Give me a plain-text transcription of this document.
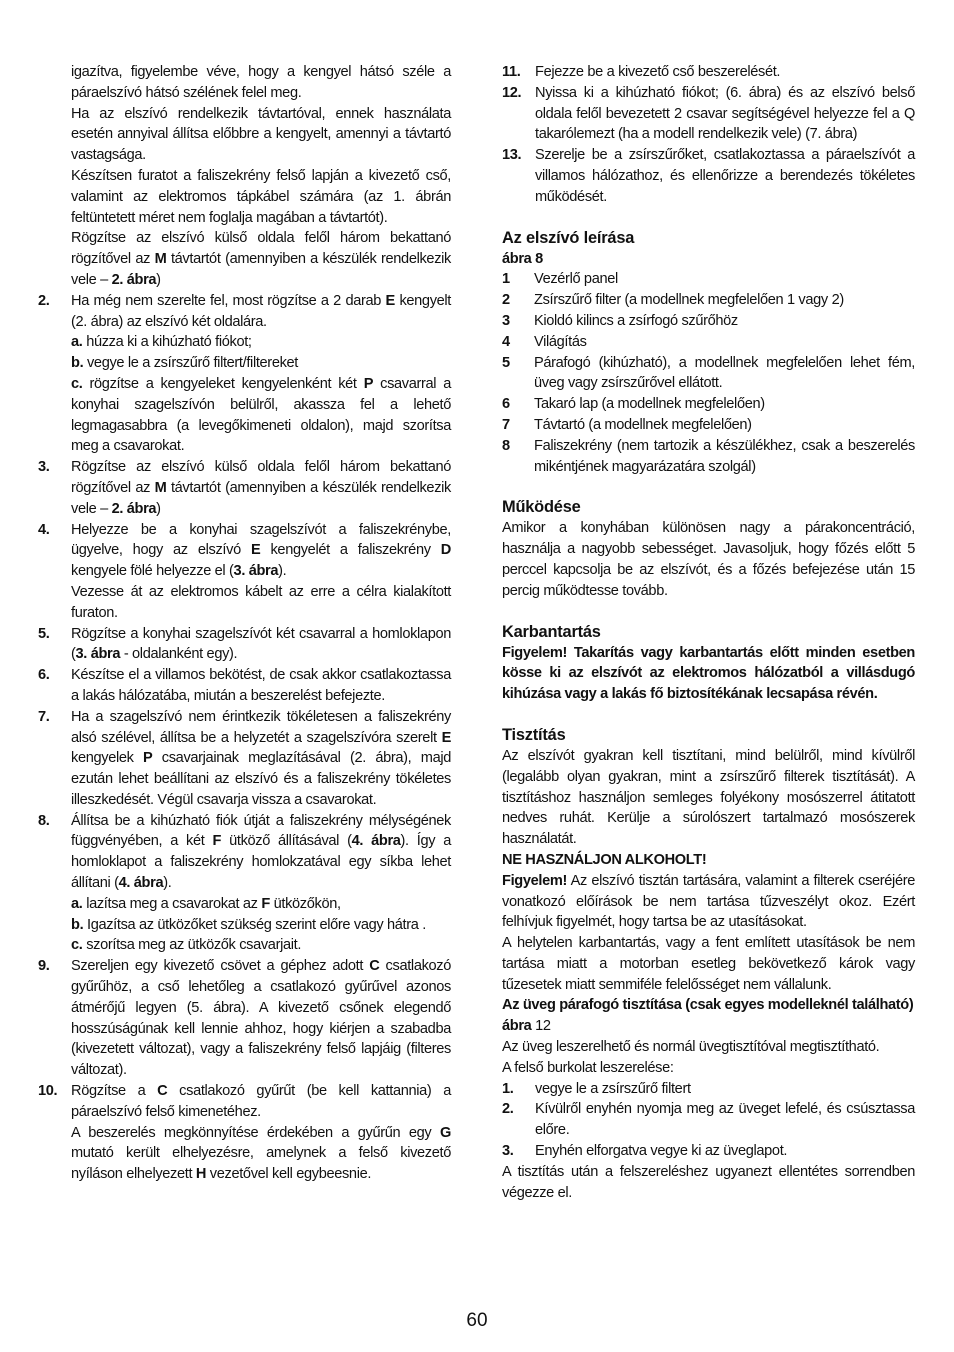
igazítva, figyelembe véve, hogy a kengyel hátsó széle a páraelszívó hátsó szélének felel meg.

Ha az elszívó rendelkezik távtartóval, ennek használata esetén annyival állítsa előbbre a kengyelt, amennyi a távtartó vastagsága.

Készítsen furatot a faliszekrény felső lapján a kivezető cső, valamint az elektromos tápkábel számára (az 1. ábrán feltüntetett méret nem foglalja magában a távtartót).

Rögzítse az elszívó külső oldala felől három bekattanó rögzítővel az M távtartót (amennyiben a készülék rendelkezik vele – 2. ábra)

2.	Ha még nem szerelte fel, most rögzítse a 2 darab E kengyelt (2. ábra) az elszívó két oldalára.

a. húzza ki a kihúzható fiókot;

b. vegye le a zsírszűrő filtert/filtereket

c. rögzítse a kengyeleket kengyelenként két P csavarral a konyhai szagelszívón belülről, akassza fel a lehető legmagasabbra (a levegőkimeneti oldalon), majd szorítsa meg a csavarokat.

3.	Rögzítse az elszívó külső oldala felől három bekattanó rögzítővel az M távtartót (amennyiben a készülék rendelkezik vele – 2. ábra)

4.	Helyezze be a konyhai szagelszívót a faliszekrénybe, ügyelve, hogy az elszívó E kengyelét a faliszekrény D kengyele fölé helyezze el (3. ábra).

Vezesse át az elektromos kábelt az erre a célra kialakított furaton.

5.	Rögzítse a konyhai szagelszívót két csavarral a homloklapon (3. ábra - oldalanként egy).

6.	Készítse el a villamos bekötést, de csak akkor csatlakoztassa a lakás hálózatába, miután a beszerelést befejezte.

7.	Ha a szagelszívó nem érintkezik tökéletesen a faliszekrény alsó szélével, állítsa be a helyzetét a szagelszívóra szerelt E kengyelek P csavarjainak meglazításával (2. ábra), majd ezután lehet beállítani az elszívó és a faliszekrény tökéletes illeszkedését. Végül csavarja vissza a csavarokat.

8.	Állítsa be a kihúzható fiók útját a faliszekrény mélységének függvényében, a két F ütköző állításával (4. ábra). Így a homloklapot a faliszekrény homlokzatával egy síkba lehet állítani (4. ábra).

a. lazítsa meg a csavarokat az F ütközőkön,

b. Igazítsa az ütközőket szükség szerint előre vagy hátra .

c. szorítsa meg az ütközők csavarjait.

9.	Szereljen egy kivezető csövet a géphez adott C csatlakozó gyűrűhöz, a cső lehetőleg a csatlakozó gyűrűvel azonos átmérőjű legyen (5. ábra). A kivezető csőnek elegendő hosszúságúnak kell lennie ahhoz, hogy kiérjen a szabadba (kivezetett változat), vagy a faliszekrény felső lapjáig (filteres változat).

10. Rögzítse a C csatlakozó gyűrűt (be kell kattannia) a páraelszívó felső kimenetéhez.

A beszerelés megkönnyítése érdekében a gyűrűn egy G mutató került elhelyezésre, amelynek a felső kivezető nyíláson elhelyezett H vezetővel kell egybeesnie.

11. Fejezze be a kivezető cső beszerelését.
12. Nyissa ki a kihúzható fiókot; (6. ábra) és az elszívó belső oldala felől bevezetett 2 csavar segítségével helyezze fel a Q takarólemezt (ha a modell rendelkezik vele) (7. ábra)
13. Szerelje be a zsírszűrőket, csatlakoztassa a páraelszívót a villamos hálózathoz, és ellenőrizze a berendezés tökéletes működését.
Az elszívó leírása

ábra 8

1	Vezérlő panel
2	Zsírszűrő filter (a modellnek megfelelően 1 vagy 2)
3	Kioldó kilincs a zsírfogó szűrőhöz
4	Világítás
5	Párafogó (kihúzható), a modellnek megfelelően lehet fém, üveg vagy zsírszűrővel ellátott.
6	Takaró lap (a modellnek megfelelően)
7	Távtartó (a modellnek megfelelően)
8	Faliszekrény (nem tartozik a készülékhez, csak a beszerelés mikéntjének magyarázatára szolgál)
Működése

Amikor a konyhában különösen nagy a párakoncentráció, használja a nagyobb sebességet. Javasoljuk, hogy főzés előtt 5 perccel kapcsolja be az elszívót, és a főzés befejezése után 15 percig működtesse tovább.

Karbantartás

Figyelem! Takarítás vagy karbantartás előtt minden esetben kösse ki az elszívót az elektromos hálózatból a villásdugó kihúzása vagy a lakás fő biztosítékának lecsapása révén.

Tisztítás

Az elszívót gyakran kell tisztítani, mind belülről, mind kívülről (legalább olyan gyakran, mint a zsírszűrő filterek tisztítását). A tisztításhoz használjon semleges folyékony mosószerrel átitatott nedves ruhát. Kerülje a súrolószert tartalmazó mosószerek használatát.

NE HASZNÁLJON ALKOHOLT!

Figyelem! Az elszívó tisztán tartására, valamint a filterek cseréjére vonatkozó előírások be nem tartása tűzveszélyt okoz. Ezért felhívjuk figyelmét, hogy tartsa be az utasításokat.

A helytelen karbantartás, vagy a fent említett utasítások be nem tartása miatt a motorban esetleg bekövetkező károk vagy tűzesetek miatt semmiféle felelősséget nem vállalunk.

Az üveg párafogó tisztítása (csak egyes modelleknél található)

ábra 12

Az üveg leszerelhető és normál üvegtisztítóval megtisztítható.

A felső burkolat leszerelése:

1.	vegye le a zsírszűrő filtert
2.	Kívülről enyhén nyomja meg az üveget lefelé, és csúsztassa előre.
3.	Enyhén elforgatva vegye ki az üveglapot.

A tisztítás után a felszereléshez ugyanezt ellentétes sorrendben végezze el.

60
